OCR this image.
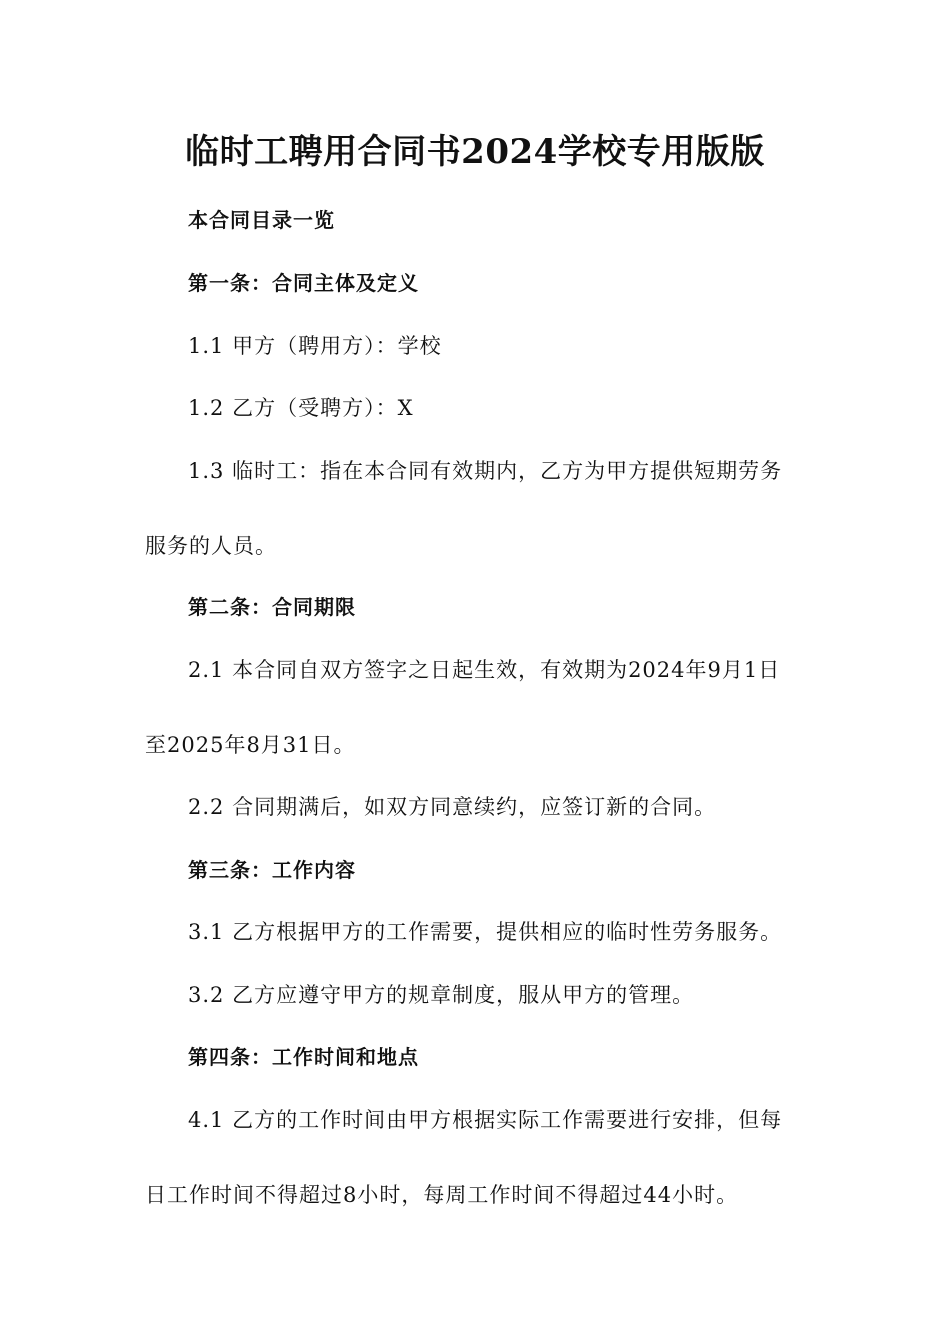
临时工聘用合同书2024学校专用版版
本合同目录一览
第一条：合同主体及定义
1.1 甲方（聘用方）：学校
1.2 乙方（受聘方）：X
1.3 临时工：指在本合同有效期内，乙方为甲方提供短期劳务
服务的人员。
第二条：合同期限
2.1 本合同自双方签字之日起生效，有效期为2024年9月1日
至2025年8月31日。
2.2 合同期满后，如双方同意续约，应签订新的合同。
第三条：工作内容
3.1 乙方根据甲方的工作需要，提供相应的临时性劳务服务。
3.2 乙方应遵守甲方的规章制度，服从甲方的管理。
第四条：工作时间和地点
4.1 乙方的工作时间由甲方根据实际工作需要进行安排，但每
日工作时间不得超过8小时，每周工作时间不得超过44小时。
